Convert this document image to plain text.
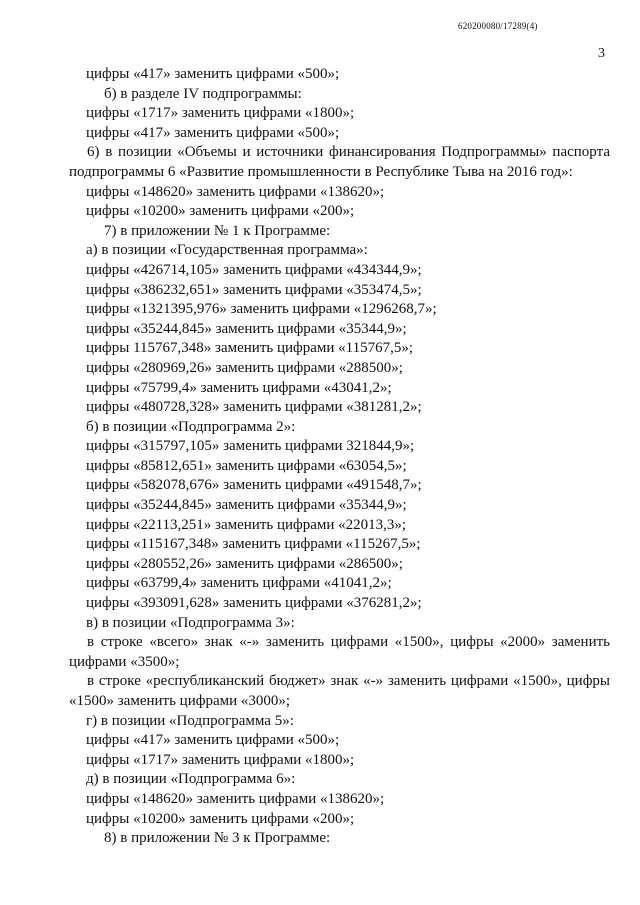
620200080/17289(4)
3
цифры «417» заменить цифрами «500»;
б) в разделе IV подпрограммы:
цифры «1717» заменить цифрами «1800»;
цифры «417» заменить цифрами «500»;
6) в позиции «Объемы и источники финансирования Подпрограммы» паспорта подпрограммы 6 «Развитие промышленности в Республике Тыва на 2016 год»:
цифры «148620» заменить цифрами «138620»;
цифры «10200» заменить цифрами «200»;
7) в приложении № 1 к Программе:
а) в позиции «Государственная программа»:
цифры «426714,105» заменить цифрами «434344,9»;
цифры «386232,651» заменить цифрами «353474,5»;
цифры «1321395,976» заменить цифрами «1296268,7»;
цифры «35244,845» заменить цифрами «35344,9»;
цифры 115767,348» заменить цифрами «115767,5»;
цифры «280969,26» заменить цифрами «288500»;
цифры «75799,4» заменить цифрами «43041,2»;
цифры «480728,328» заменить цифрами «381281,2»;
б) в позиции «Подпрограмма 2»:
цифры «315797,105» заменить цифрами 321844,9»;
цифры «85812,651» заменить цифрами «63054,5»;
цифры «582078,676» заменить цифрами «491548,7»;
цифры «35244,845» заменить цифрами «35344,9»;
цифры «22113,251» заменить цифрами «22013,3»;
цифры «115167,348» заменить цифрами «115267,5»;
цифры «280552,26» заменить цифрами «286500»;
цифры «63799,4» заменить цифрами «41041,2»;
цифры «393091,628» заменить цифрами «376281,2»;
в) в позиции «Подпрограмма 3»:
в строке «всего» знак «-» заменить цифрами «1500», цифры «2000» заменить цифрами «3500»;
в строке «республиканский бюджет» знак «-» заменить цифрами «1500», цифры «1500» заменить цифрами «3000»;
г) в позиции «Подпрограмма 5»:
цифры «417» заменить цифрами «500»;
цифры «1717» заменить цифрами «1800»;
д) в позиции «Подпрограмма 6»:
цифры «148620» заменить цифрами «138620»;
цифры «10200» заменить цифрами «200»;
8) в приложении № 3 к Программе:
